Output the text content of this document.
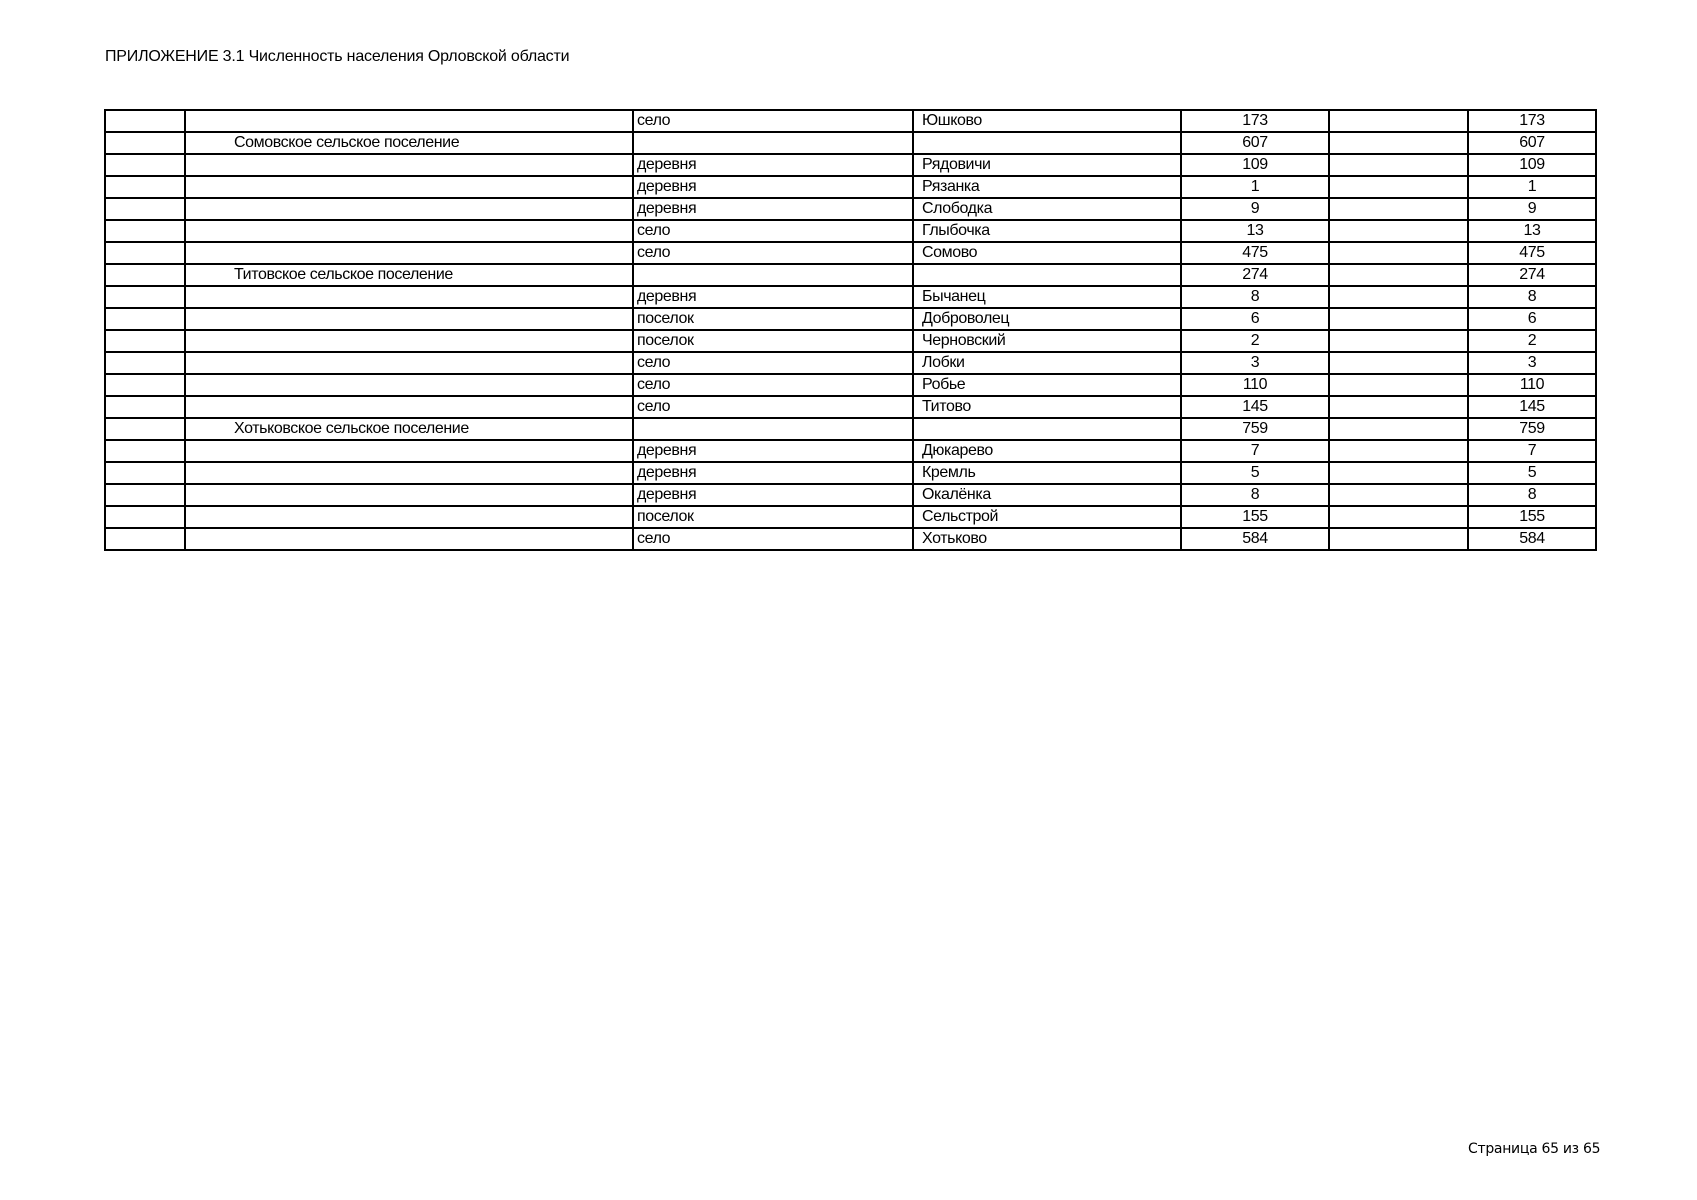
ПРИЛОЖЕНИЕ 3.1 Численность населения Орловской области
		село	Юшково	173		173
	Сомовское сельское поселение			607		607
		деревня	Рядовичи	109		109
		деревня	Рязанка	1		1
		деревня	Слободка	9		9
		село	Глыбочка	13		13
		село	Сомово	475		475
	Титовское сельское поселение			274		274
		деревня	Бычанец	8		8
		поселок	Доброволец	6		6
		поселок	Черновский	2		2
		село	Лобки	3		3
		село	Робье	110		110
		село	Титово	145		145
	Хотьковское сельское поселение			759		759
		деревня	Дюкарево	7		7
		деревня	Кремль	5		5
		деревня	Окалёнка	8		8
		поселок	Сельстрой	155		155
		село	Хотьково	584		584
Страница 65 из 65
